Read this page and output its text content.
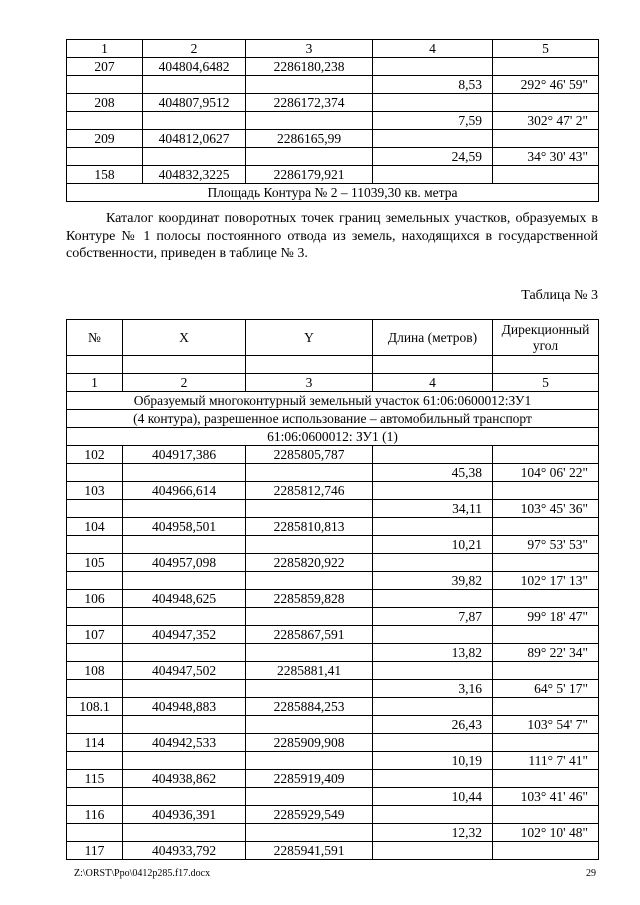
1	2	3	4	5
207	404804,6482	2286180,238		
			8,53	292° 46' 59"
208	404807,9512	2286172,374		
			7,59	302° 47' 2"
209	404812,0627	2286165,99		
			24,59	34° 30' 43"
158	404832,3225	2286179,921		
Площадь Контура № 2 – 11039,30 кв. метра				

Каталог координат поворотных точек границ земельных участков, образуемых в Контуре № 1 полосы постоянного отвода из земель, находящихся в государственной собственности, приведен в таблице № 3.

Таблица № 3

№	X	Y	Длина (метров)	Дирекционный угол

1	2	3	4	5
Образуемый многоконтурный земельный участок 61:06:0600012:ЗУ1				
(4 контура), разрешенное использование – автомобильный транспорт				
61:06:0600012: ЗУ1 (1)				
102	404917,386	2285805,787		
			45,38	104° 06' 22"
103	404966,614	2285812,746		
			34,11	103° 45' 36"
104	404958,501	2285810,813		
			10,21	97° 53' 53"
105	404957,098	2285820,922		
			39,82	102° 17' 13"
106	404948,625	2285859,828		
			7,87	99° 18' 47"
107	404947,352	2285867,591		
			13,82	89° 22' 34"
108	404947,502	2285881,41		
			3,16	64° 5' 17"
108.1	404948,883	2285884,253		
			26,43	103° 54' 7"
114	404942,533	2285909,908		
			10,19	111° 7' 41"
115	404938,862	2285919,409		
			10,44	103° 41' 46"
116	404936,391	2285929,549		
			12,32	102° 10' 48"
117	404933,792	2285941,591		

Z:\ORST\Ppo\0412p285.f17.docx	29
